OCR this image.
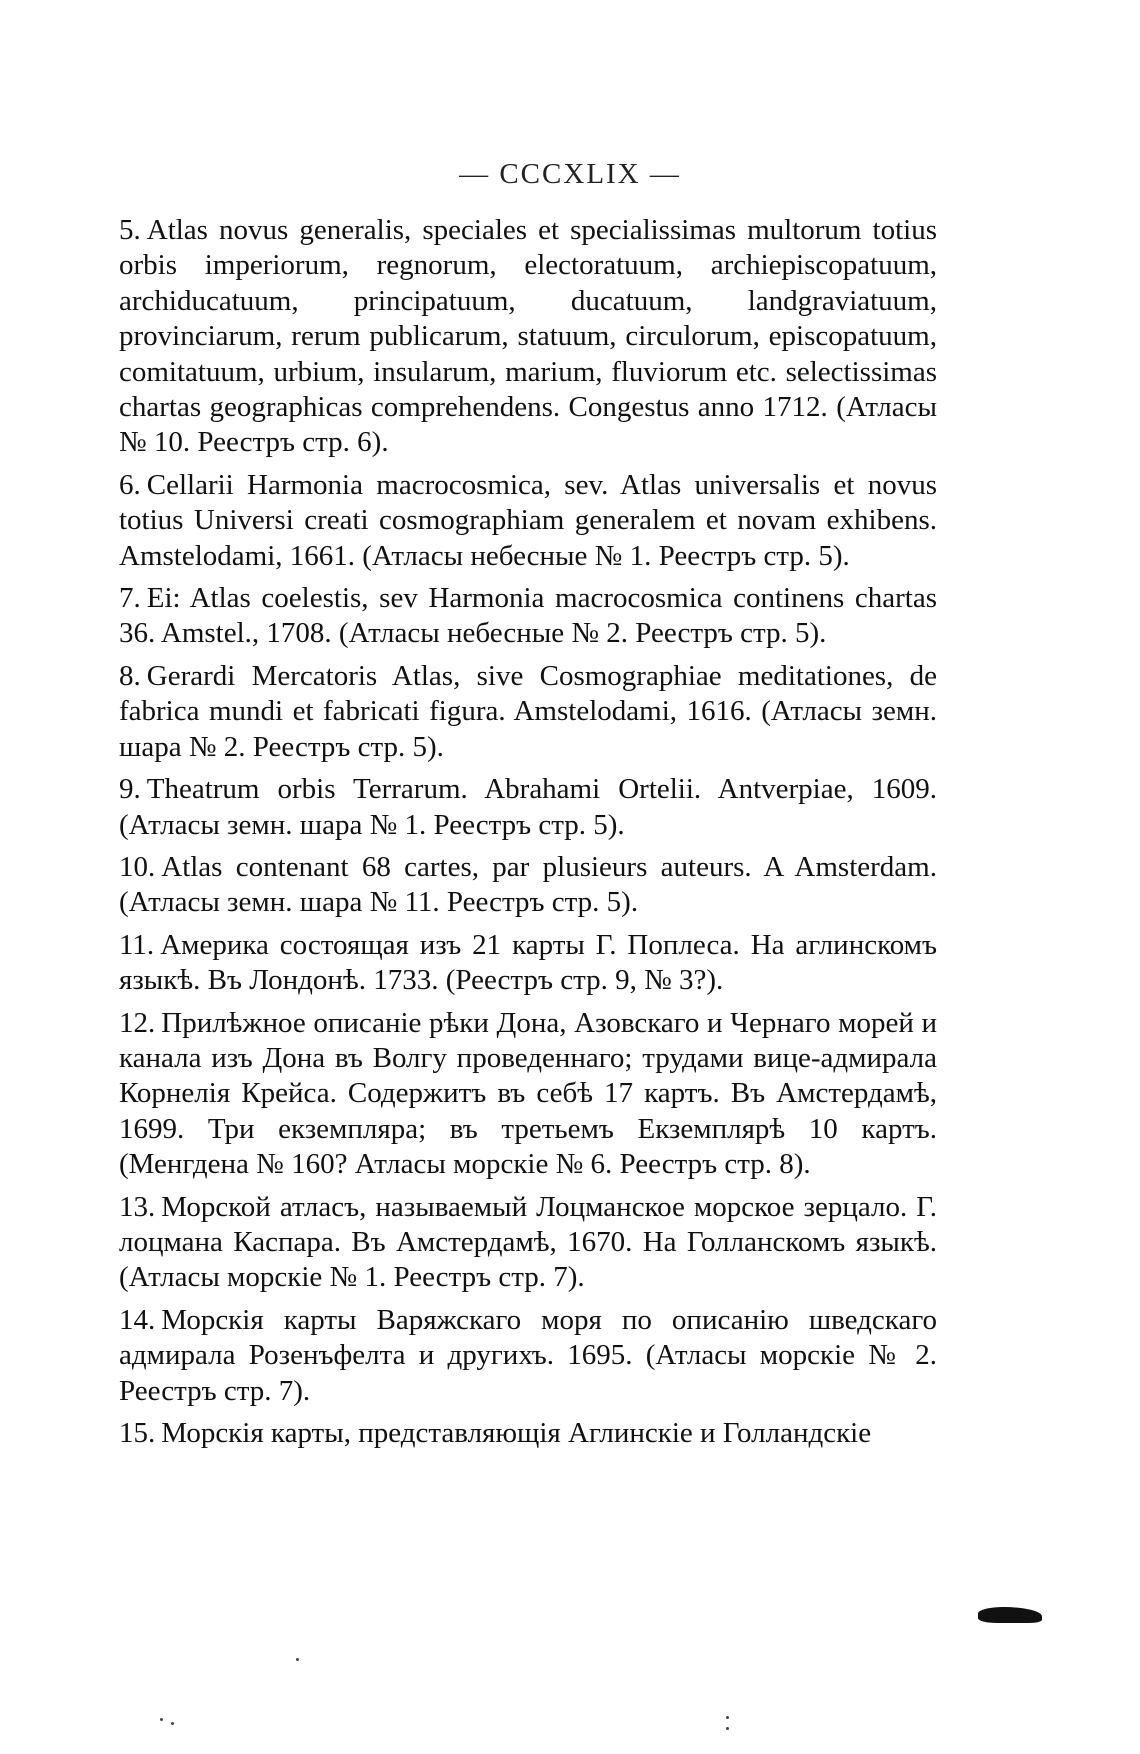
— CCCXLIX —

5. Atlas novus generalis, speciales et specialissimas multorum totius orbis imperiorum, regnorum, electoratuum, archiepiscopatuum, archiducatuum, principatuum, ducatuum, landgraviatuum, provinciarum, rerum publicarum, statuum, circulorum, episcopatuum, comitatuum, urbium, insularum, marium, fluviorum etc. selectissimas chartas geographicas comprehendens. Congestus anno 1712. (Атласы № 10. Реестръ стр. 6).

6. Cellarii Harmonia macrocosmica, sev. Atlas universalis et novus totius Universi creati cosmographiam generalem et novam exhibens. Amstelodami, 1661. (Атласы небесные № 1. Реестръ стр. 5).

7. Ei: Atlas coelestis, sev Harmonia macrocosmica continens chartas 36. Amstel., 1708. (Атласы небесные № 2. Реестръ стр. 5).

8. Gerardi Mercatoris Atlas, sive Cosmographiae meditationes, de fabrica mundi et fabricati figura. Amstelodami, 1616. (Атласы земн. шара № 2. Реестръ стр. 5).

9. Theatrum orbis Terrarum. Abrahami Ortelii. Antverpiae, 1609. (Атласы земн. шара № 1. Реестръ стр. 5).

10. Atlas contenant 68 cartes, par plusieurs auteurs. A Amsterdam. (Атласы земн. шара № 11. Реестръ стр. 5).

11. Америка состоящая изъ 21 карты Г. Поплеса. На аглинскомъ языкѣ. Въ Лондонѣ. 1733. (Реестръ стр. 9, № 3?).

12. Прилѣжное описанie рѣки Дона, Азовскаго и Чернаго морей и канала изъ Дона въ Волгу проведеннаго; трудами вице-адмирала Корнелія Крейса. Содержитъ въ себѣ 17 картъ. Въ Амстердамѣ, 1699. Три екземпляра; въ третьемъ Екземплярѣ 10 картъ. (Менгдена № 160? Атласы морскіе № 6. Реестръ стр. 8).

13. Морской атласъ, называемый Лоцманское морское зерцало. Г. лоцмана Каспара. Въ Амстердамѣ, 1670. На Голланскомъ языкѣ. (Атласы морскіе № 1. Реестръ стр. 7).

14. Морскія карты Варяжскаго моря по описанію шведскаго адмирала Розенъфелта и другихъ. 1695. (Атласы морскіе № 2. Реестръ стр. 7).

15. Морскія карты, представляющія Аглинскіе и Голландскіе
